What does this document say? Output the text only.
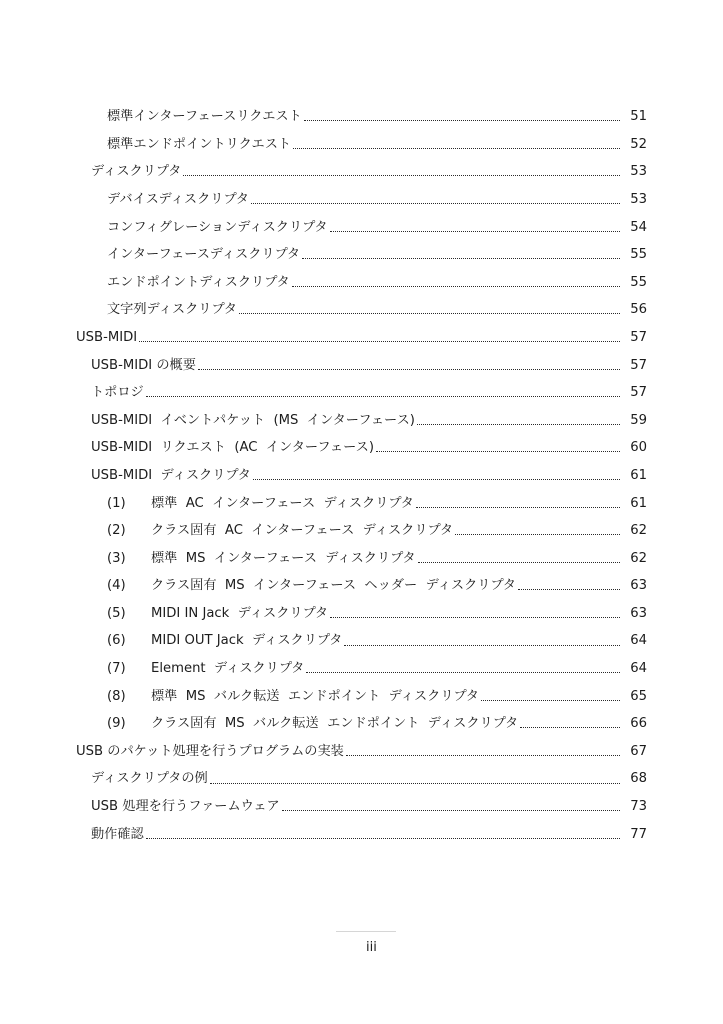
標準インターフェースリクエスト	51
標準エンドポイントリクエスト	52
ディスクリプタ	53
デバイスディスクリプタ	53
コンフィグレーションディスクリプタ	54
インターフェースディスクリプタ	55
エンドポイントディスクリプタ	55
文字列ディスクリプタ	56
USB-MIDI	57
USB-MIDI の概要	57
トポロジ	57
USB-MIDI  イベントパケット  (MS  インターフェース)	59
USB-MIDI  リクエスト  (AC  インターフェース)	60
USB-MIDI  ディスクリプタ	61
(1)	標準  AC  インターフェース  ディスクリプタ	61
(2)	クラス固有  AC  インターフェース  ディスクリプタ	62
(3)	標準  MS  インターフェース  ディスクリプタ	62
(4)	クラス固有  MS  インターフェース  ヘッダー  ディスクリプタ	63
(5)	MIDI IN Jack  ディスクリプタ	63
(6)	MIDI OUT Jack  ディスクリプタ	64
(7)	Element  ディスクリプタ	64
(8)	標準  MS  バルク転送  エンドポイント  ディスクリプタ	65
(9)	クラス固有  MS  バルク転送  エンドポイント  ディスクリプタ	66
USB のパケット処理を行うプログラムの実装	67
ディスクリプタの例	68
USB 処理を行うファームウェア	73
動作確認	77
iii
